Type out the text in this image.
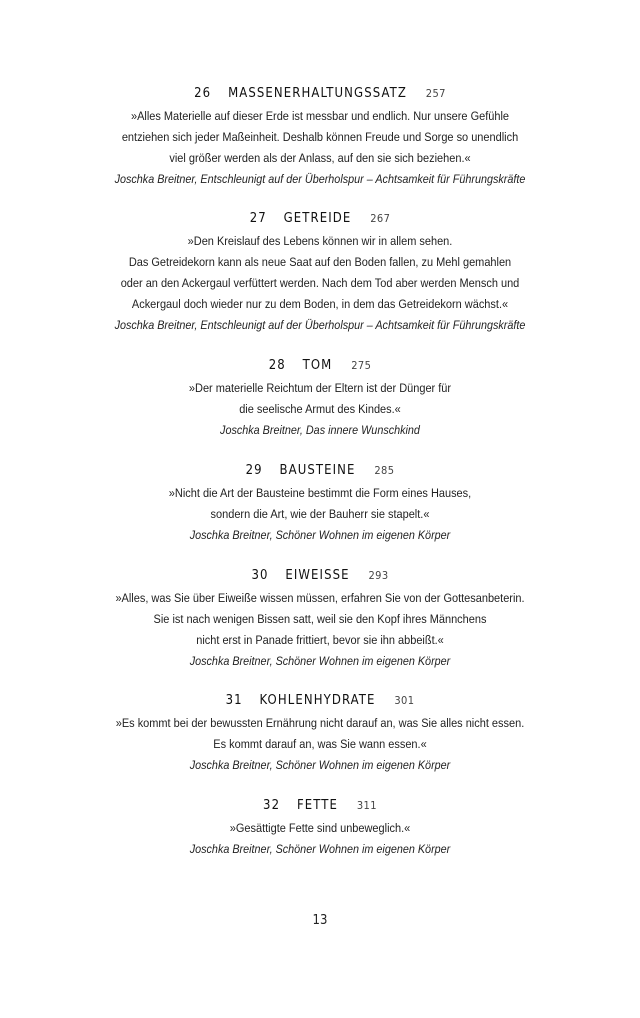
26 MASSENERHALTUNGSSATZ 257
»Alles Materielle auf dieser Erde ist messbar und endlich. Nur unsere Gefühle
entziehen sich jeder Maßeinheit. Deshalb können Freude und Sorge so unendlich
viel größer werden als der Anlass, auf den sie sich beziehen.«
Joschka Breitner, Entschleunigt auf der Überholspur – Achtsamkeit für Führungskräfte
27 GETREIDE 267
»Den Kreislauf des Lebens können wir in allem sehen.
Das Getreidekorn kann als neue Saat auf den Boden fallen, zu Mehl gemahlen
oder an den Ackergaul verfüttert werden. Nach dem Tod aber werden Mensch und
Ackergaul doch wieder nur zu dem Boden, in dem das Getreidekorn wächst.«
Joschka Breitner, Entschleunigt auf der Überholspur – Achtsamkeit für Führungskräfte
28 TOM 275
»Der materielle Reichtum der Eltern ist der Dünger für
die seelische Armut des Kindes.«
Joschka Breitner, Das innere Wunschkind
29 BAUSTEINE 285
»Nicht die Art der Bausteine bestimmt die Form eines Hauses,
sondern die Art, wie der Bauherr sie stapelt.«
Joschka Breitner, Schöner Wohnen im eigenen Körper
30 EIWEISSE 293
»Alles, was Sie über Eiweiße wissen müssen, erfahren Sie von der Gottesanbeterin.
Sie ist nach wenigen Bissen satt, weil sie den Kopf ihres Männchens
nicht erst in Panade frittiert, bevor sie ihn abbeißt.«
Joschka Breitner, Schöner Wohnen im eigenen Körper
31 KOHLENHYDRATE 301
»Es kommt bei der bewussten Ernährung nicht darauf an, was Sie alles nicht essen.
Es kommt darauf an, was Sie wann essen.«
Joschka Breitner, Schöner Wohnen im eigenen Körper
32 FETTE 311
»Gesättigte Fette sind unbeweglich.«
Joschka Breitner, Schöner Wohnen im eigenen Körper
13
